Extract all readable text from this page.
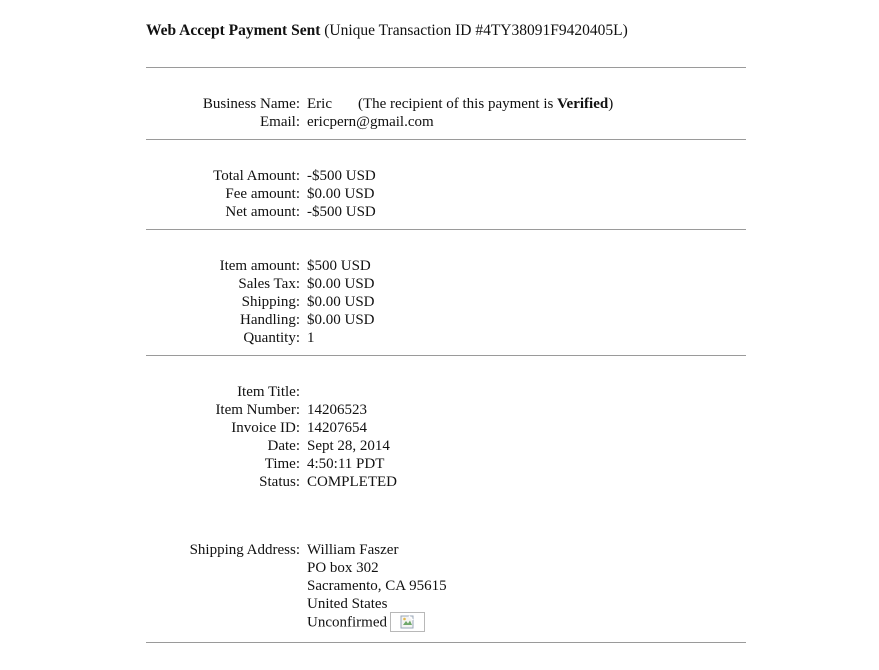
Web Accept Payment Sent (Unique Transaction ID #4TY38091F9420405L)
Business Name: Eric (The recipient of this payment is Verified)
Email: ericpern@gmail.com
Total Amount: -$500 USD
Fee amount: $0.00 USD
Net amount: -$500 USD
Item amount: $500 USD
Sales Tax: $0.00 USD
Shipping: $0.00 USD
Handling: $0.00 USD
Quantity: 1
Item Title:
Item Number: 14206523
Invoice ID: 14207654
Date: Sept 28, 2014
Time: 4:50:11 PDT
Status: COMPLETED
Shipping Address: William Faszer
PO box 302
Sacramento, CA 95615
United States
Unconfirmed
